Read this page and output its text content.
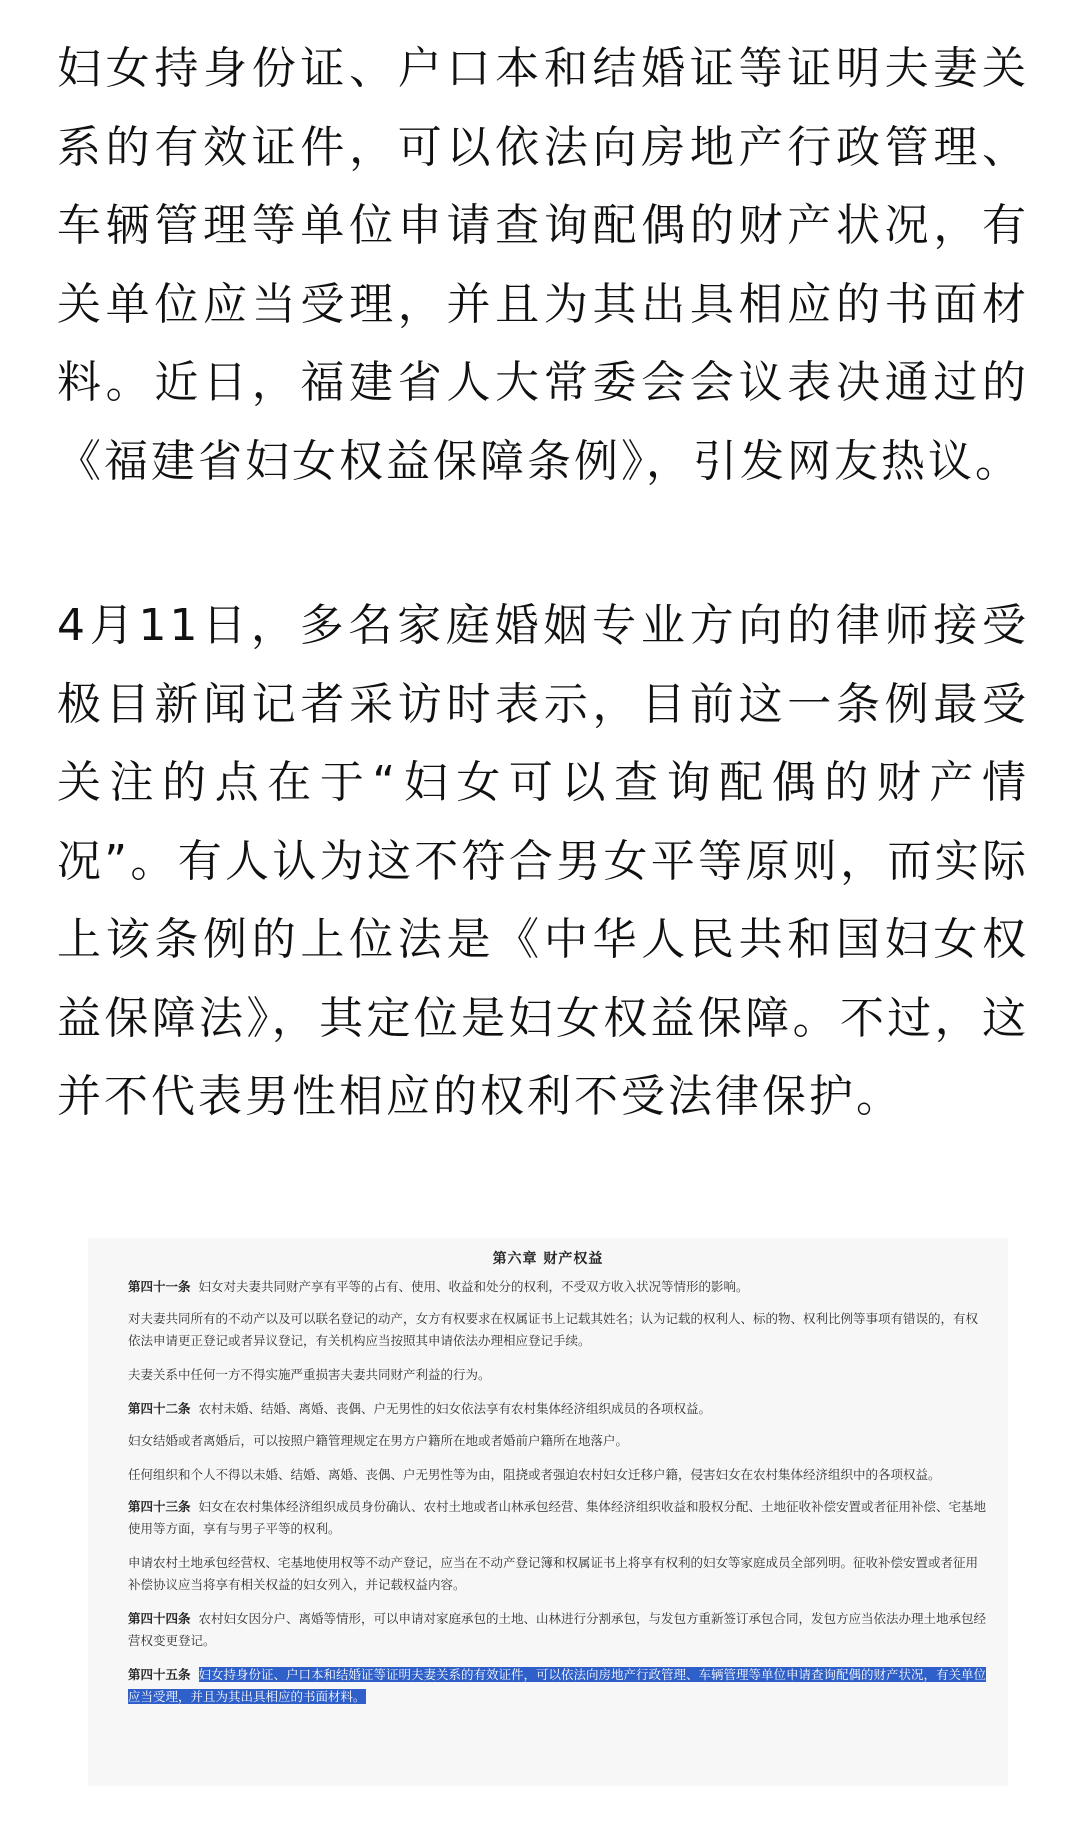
妇女持身份证、户口本和结婚证等证明夫妻关系的有效证件，可以依法向房地产行政管理、车辆管理等单位申请查询配偶的财产状况，有关单位应当受理，并且为其出具相应的书面材料。近日，福建省人大常委会会议表决通过的《福建省妇女权益保障条例》，引发网友热议。

4月11日，多名家庭婚姻专业方向的律师接受极目新闻记者采访时表示，目前这一条例最受关注的点在于“妇女可以查询配偶的财产情况”。有人认为这不符合男女平等原则，而实际上该条例的上位法是《中华人民共和国妇女权益保障法》，其定位是妇女权益保障。不过，这并不代表男性相应的权利不受法律保护。

第六章 财产权益
第四十一条 妇女对夫妻共同财产享有平等的占有、使用、收益和处分的权利，不受双方收入状况等情形的影响。
对夫妻共同所有的不动产以及可以联名登记的动产，女方有权要求在权属证书上记载其姓名；认为记载的权利人、标的物、权利比例等事项有错误的，有权依法申请更正登记或者异议登记，有关机构应当按照其申请依法办理相应登记手续。
夫妻关系中任何一方不得实施严重损害夫妻共同财产利益的行为。
第四十二条 农村未婚、结婚、离婚、丧偶、户无男性的妇女依法享有农村集体经济组织成员的各项权益。
妇女结婚或者离婚后，可以按照户籍管理规定在男方户籍所在地或者婚前户籍所在地落户。
任何组织和个人不得以未婚、结婚、离婚、丧偶、户无男性等为由，阻挠或者强迫农村妇女迁移户籍，侵害妇女在农村集体经济组织中的各项权益。
第四十三条 妇女在农村集体经济组织成员身份确认、农村土地或者山林承包经营、集体经济组织收益和股权分配、土地征收补偿安置或者征用补偿、宅基地使用等方面，享有与男子平等的权利。
申请农村土地承包经营权、宅基地使用权等不动产登记，应当在不动产登记簿和权属证书上将享有权利的妇女等家庭成员全部列明。征收补偿安置或者征用补偿协议应当将享有相关权益的妇女列入，并记载权益内容。
第四十四条 农村妇女因分户、离婚等情形，可以申请对家庭承包的土地、山林进行分割承包，与发包方重新签订承包合同，发包方应当依法办理土地承包经营权变更登记。
第四十五条 妇女持身份证、户口本和结婚证等证明夫妻关系的有效证件，可以依法向房地产行政管理、车辆管理等单位申请查询配偶的财产状况，有关单位应当受理，并且为其出具相应的书面材料。
